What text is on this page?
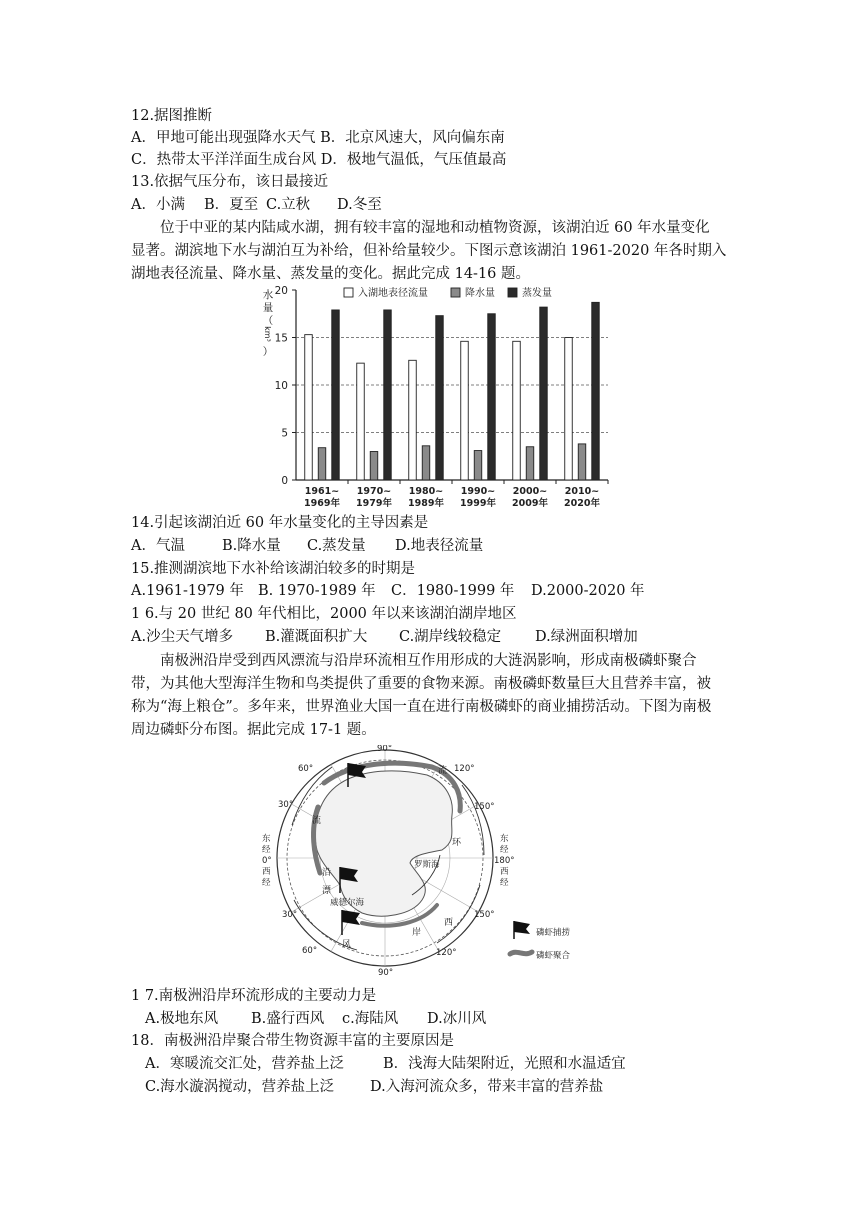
12.据图推断
A．甲地可能出现强降水天气 B．北京风速大，风向偏东南
C．热带太平洋洋面生成台风 D．极地气温低，气压值最高
13.依据气压分布，该日最接近
A．小满 B．夏至 C.立秋 D.冬至
位于中亚的某内陆咸水湖，拥有较丰富的湿地和动植物资源，该湖泊近 60 年水量变化
显著。湖滨地下水与湖泊互为补给，但补给量较少。下图示意该湖泊 1961-2020 年各时期入
湖地表径流量、降水量、蒸发量的变化。据此完成 14-16 题。
0
5
10
15
20
水
量
（
km³
）
1961~
1969年
1970~
1979年
1980~
1989年
1990~
1999年
2000~
2009年
2010~
2020年
入湖地表径流量	降水量	蒸发量
14.引起该湖泊近 60 年水量变化的主导因素是
A．气温	B.降水量 C.蒸发量 D.地表径流量
15.推测湖滨地下水补给该湖泊较多的时期是
A.1961-1979 年 B. 1970-1989 年 C．1980-1999 年 D.2000-2020 年
1 6.与 20 世纪 80 年代相比，2000 年以来该湖泊湖岸地区
A.沙尘天气增多 B.灌溉面积扩大 C.湖岸线较稳定 D.绿洲面积增加
南极洲沿岸受到西风漂流与沿岸环流相互作用形成的大涟涡影响，形成南极磷虾聚合
带，为其他大型海洋生物和鸟类提供了重要的食物来源。南极磷虾数量巨大且营养丰富，被
称为“海上粮仓”。多年来，世界渔业大国一直在进行南极磷虾的商业捕捞活动。下图为南极
周边磷虾分布图。据此完成 17-1 题。
90°
90°
60°
30°
120°
150°
30°
60°
150°
120°
东
经
0°
西
经
东
经
180°
西
经
罗斯海
威德尔海
流
流
沿
漂
风
环
岸
西
磷虾捕捞
磷虾聚合
1 7.南极洲沿岸环流形成的主要动力是
A.极地东风 B.盛行西风 c.海陆风 D.冰川风
18．南极洲沿岸聚合带生物资源丰富的主要原因是
A．寒暖流交汇处，营养盐上泛	B．浅海大陆架附近，光照和水温适宜
C.海水漩涡搅动，营养盐上泛 D.入海河流众多，带来丰富的营养盐
